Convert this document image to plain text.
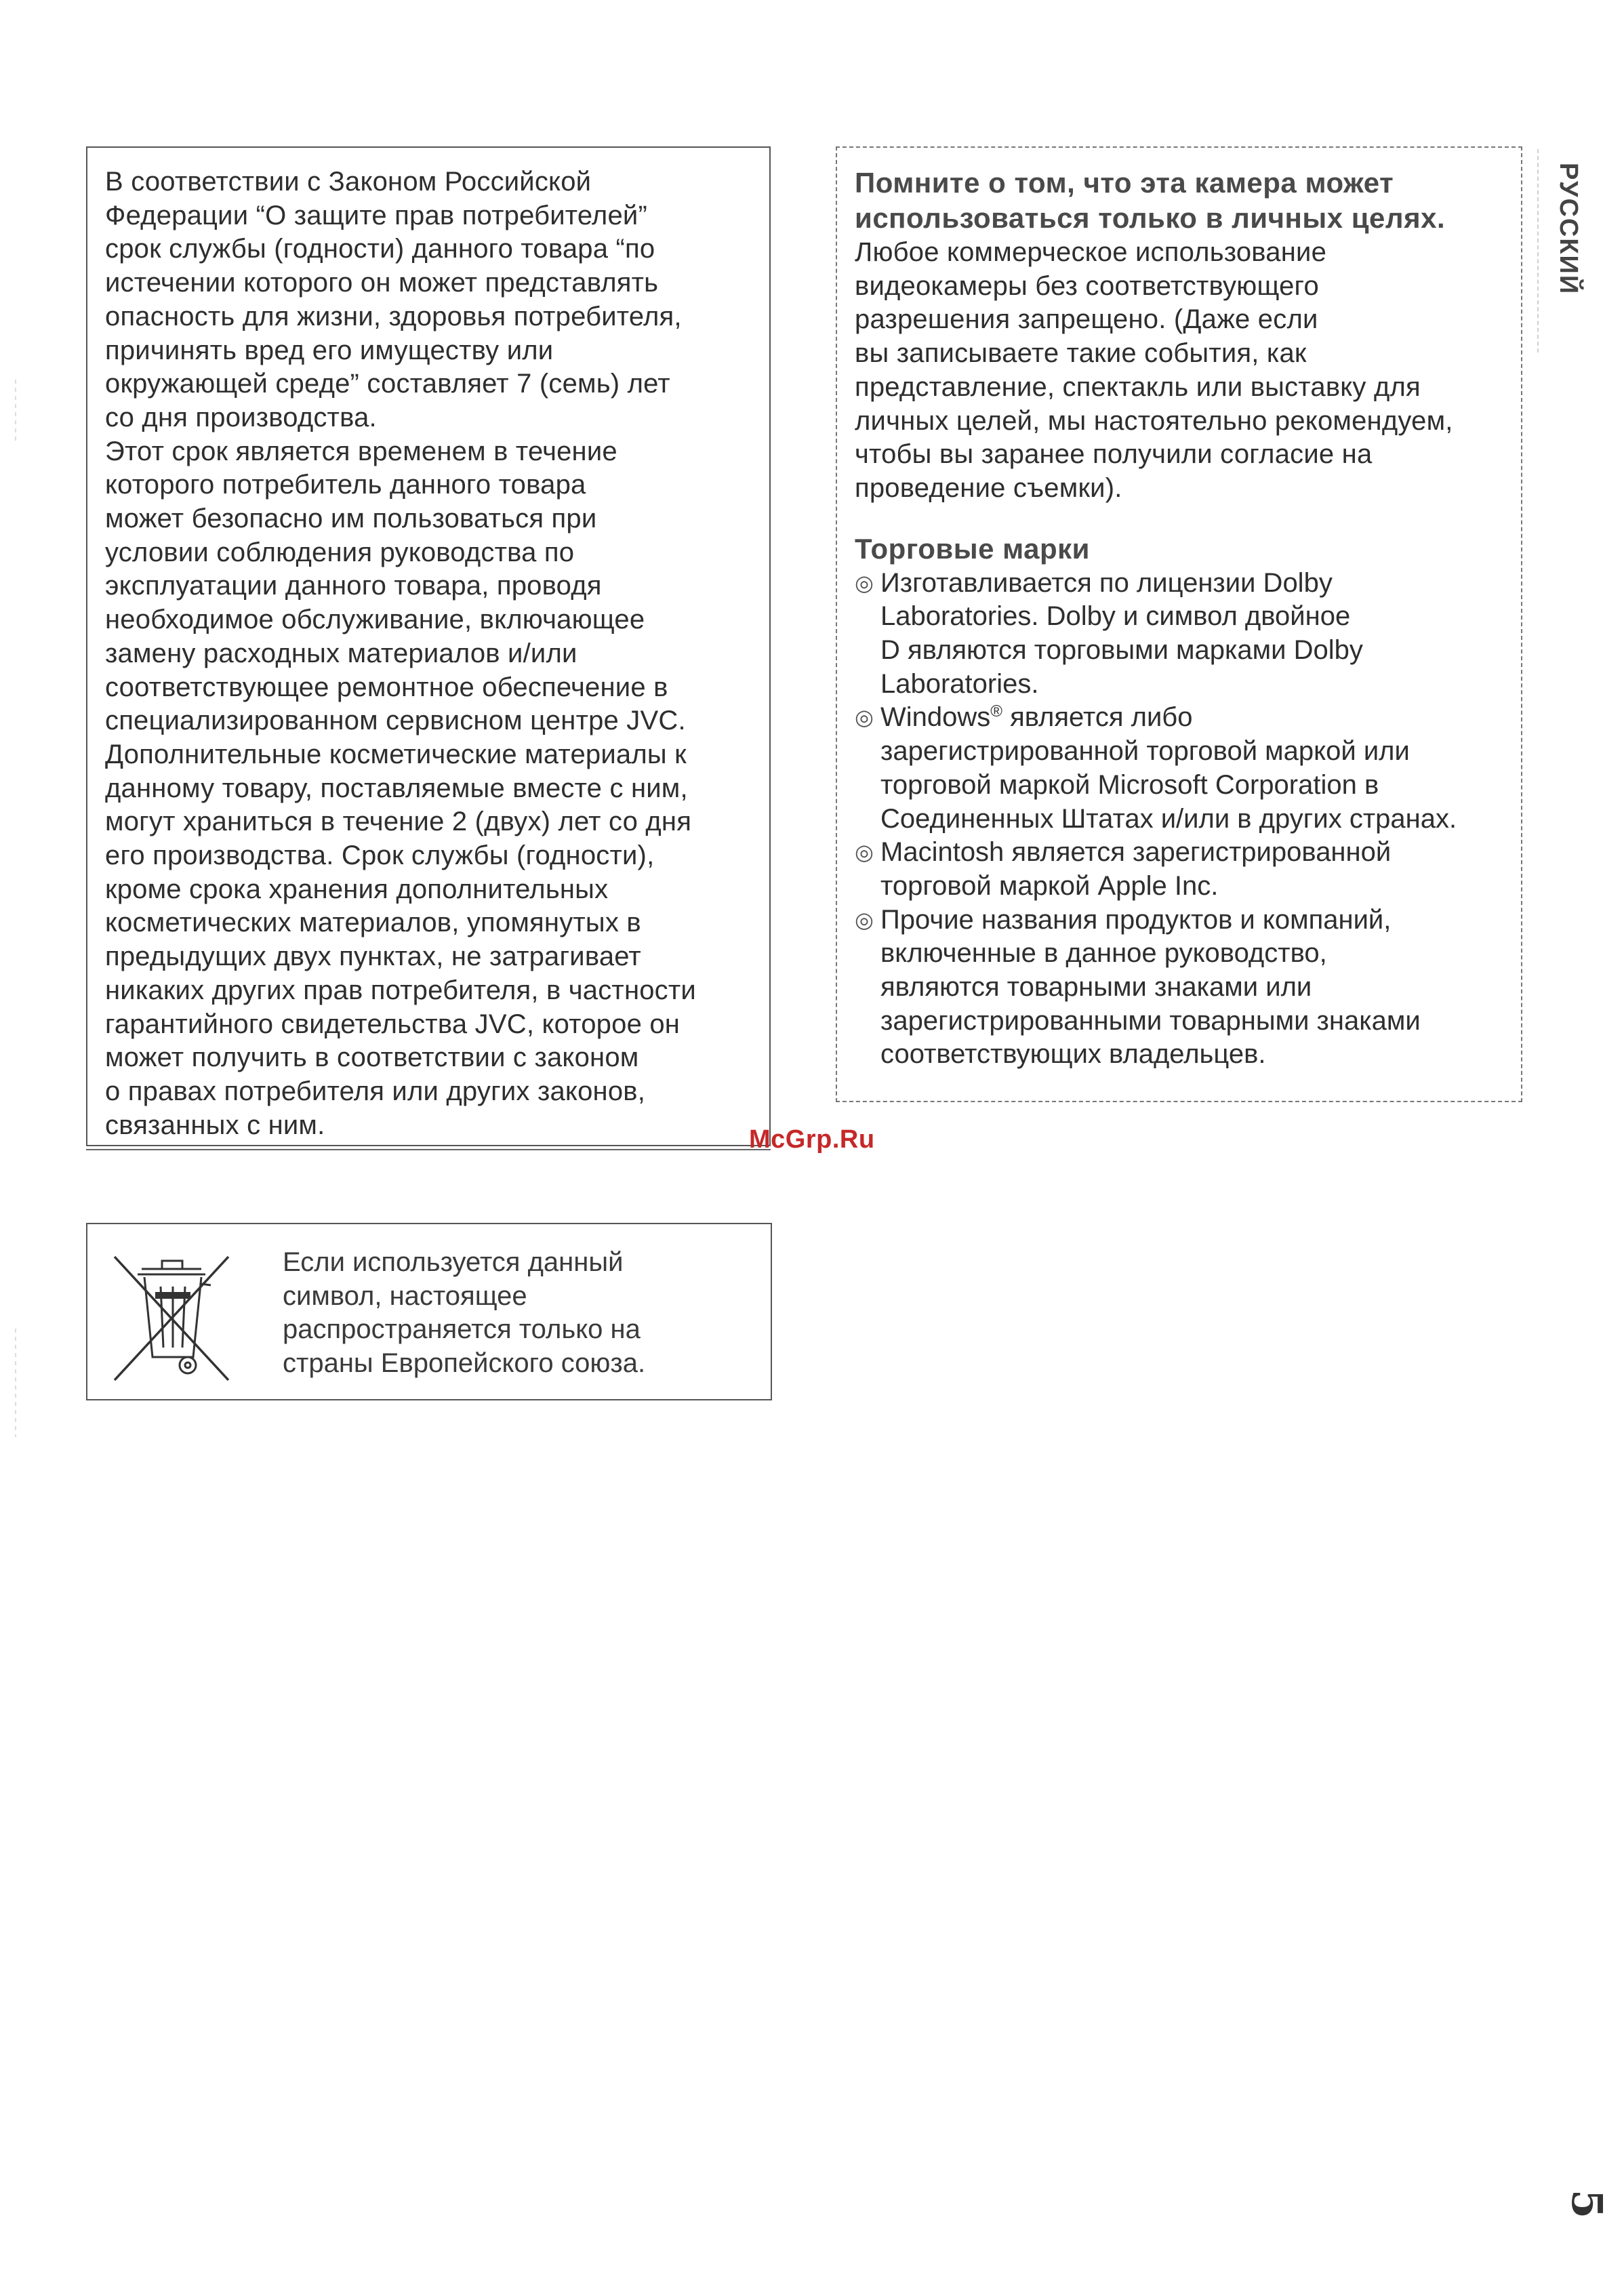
В соответствии с Законом Российской
Федерации “О защите прав потребителей”
срок службы (годности) данного товара “по
истечении которого он может представлять
опасность для жизни, здоровья потребителя,
причинять вред его имуществу или
окружающей среде” составляет 7 (семь) лет
со дня производства.
Этот срок является временем в течение
которого потребитель данного товара
может безопасно им пользоваться при
условии соблюдения руководства по
эксплуатации данного товара, проводя
необходимое обслуживание, включающее
замену расходных материалов и/или
соответствующее ремонтное обеспечение в
специализированном сервисном центре JVC.
Дополнительные косметические материалы к
данному товару, поставляемые вместе с ним,
могут храниться в течение 2 (двух) лет со дня
его производства. Срок службы (годности),
кроме срока хранения дополнительных
косметических материалов, упомянутых в
предыдущих двух пунктах, не затрагивает
никаких других прав потребителя, в частности
гарантийного свидетельства JVC, которое он
может получить в соответствии с законом
о правах потребителя или других законов,
связанных с ним.
Помните о том, что эта камера может
использоваться только в личных целях.
Любое коммерческое использование
видеокамеры без соответствующего
разрешения запрещено. (Даже если
вы записываете такие события, как
представление, спектакль или выставку для
личных целей, мы настоятельно рекомендуем,
чтобы вы заранее получили согласие на
проведение съемки).
Торговые марки
◎ Изготавливается по лицензии Dolby
Laboratories. Dolby и символ двойное
D являются торговыми марками Dolby
Laboratories.
◎ Windows® является либо
зарегистрированной торговой маркой или
торговой маркой Microsoft Corporation в
Соединенных Штатах и/или в других странах.
◎ Macintosh является зарегистрированной
торговой маркой Apple Inc.
◎ Прочие названия продуктов и компаний,
включенные в данное руководство,
являются товарными знаками или
зарегистрированными товарными знаками
соответствующих владельцев.
McGrp.Ru
Если используется данный
символ, настоящее
распространяется только на
страны Европейского союза.
РУССКИЙ
5
